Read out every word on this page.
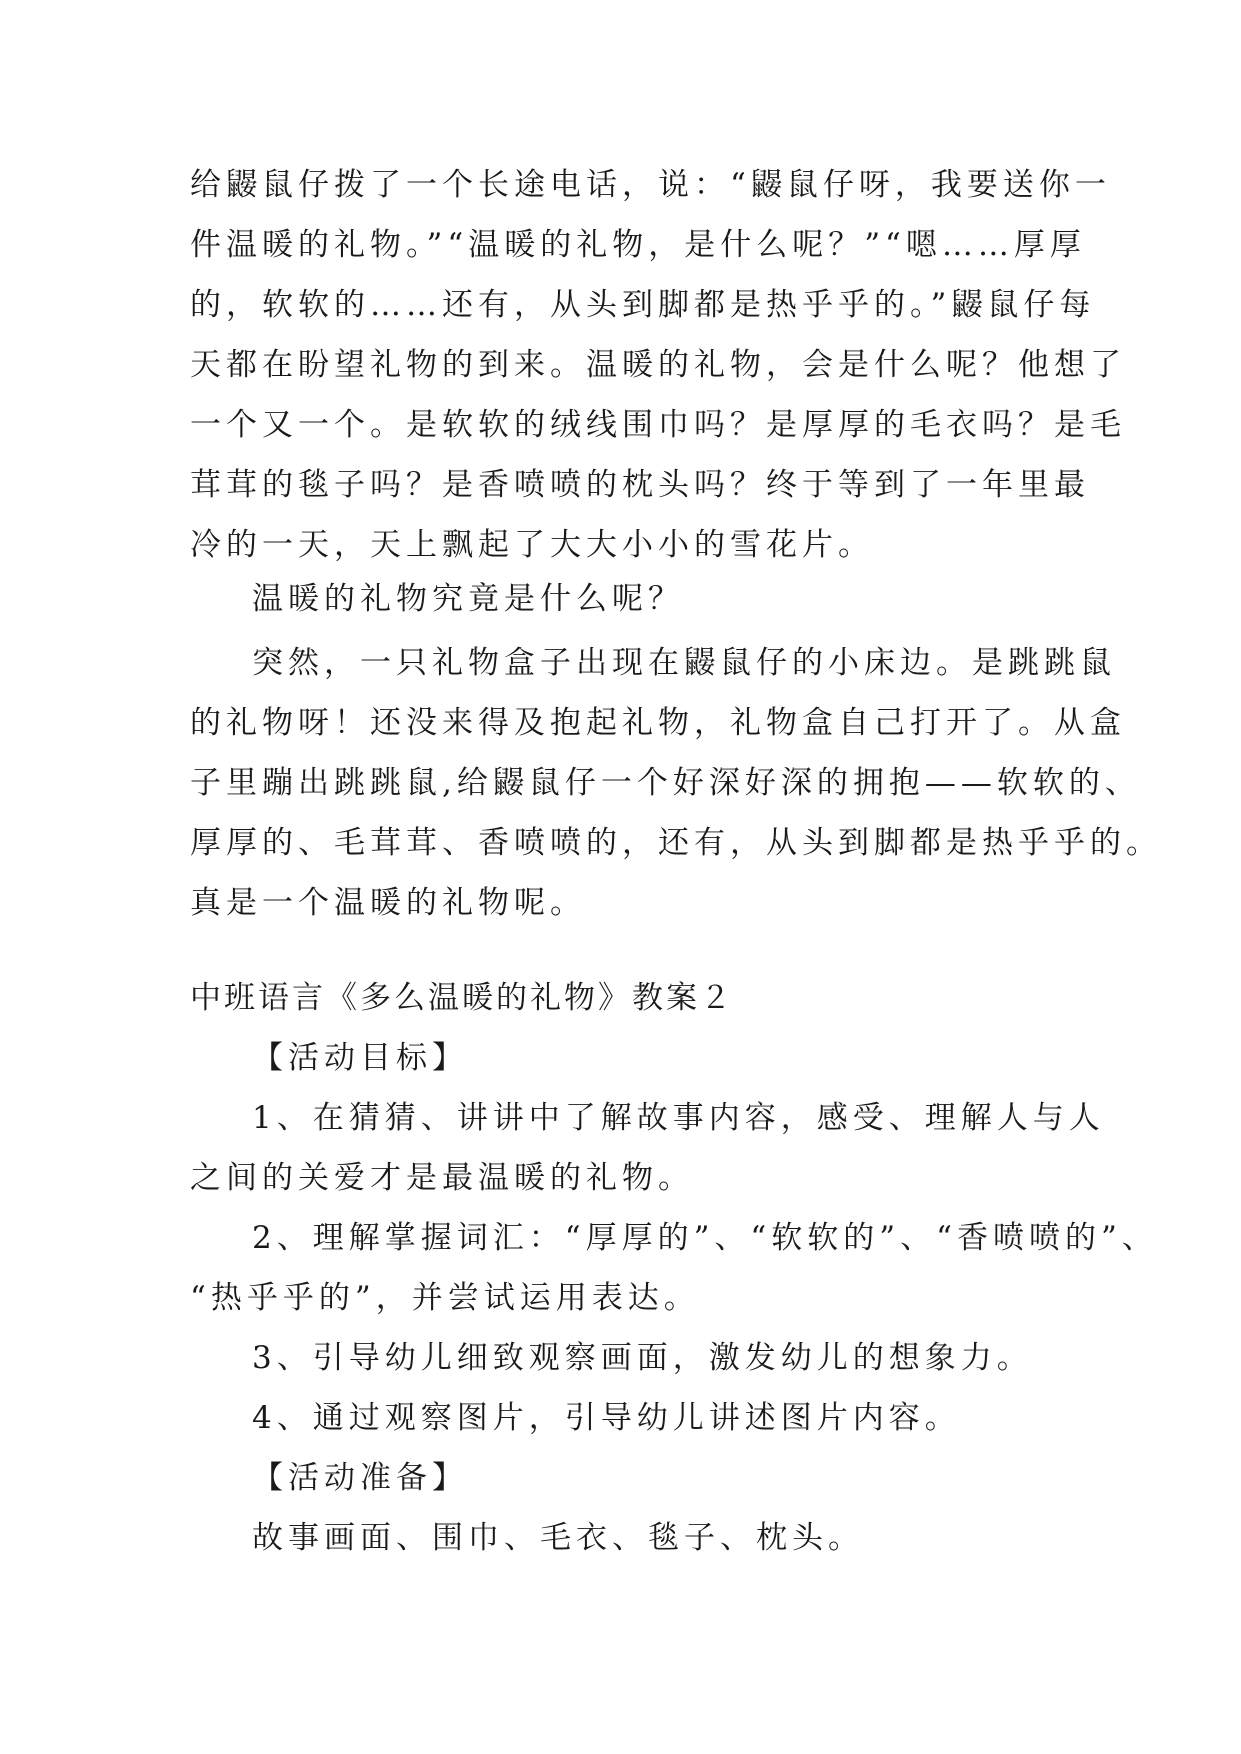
给鼹鼠仔拨了一个长途电话，说：“鼹鼠仔呀，我要送你一
件温暖的礼物。”“温暖的礼物，是什么呢？”“嗯……厚厚
的，软软的……还有，从头到脚都是热乎乎的。”鼹鼠仔每
天都在盼望礼物的到来。温暖的礼物，会是什么呢？他想了
一个又一个。是软软的绒线围巾吗？是厚厚的毛衣吗？是毛
茸茸的毯子吗？是香喷喷的枕头吗？终于等到了一年里最
冷的一天，天上飘起了大大小小的雪花片。
温暖的礼物究竟是什么呢？
突然，一只礼物盒子出现在鼹鼠仔的小床边。是跳跳鼠
的礼物呀！还没来得及抱起礼物，礼物盒自己打开了。从盒
子里蹦出跳跳鼠,给鼹鼠仔一个好深好深的拥抱——软软的、
厚厚的、毛茸茸、香喷喷的，还有，从头到脚都是热乎乎的。
真是一个温暖的礼物呢。
中班语言《多么温暖的礼物》教案２
【活动目标】
1、在猜猜、讲讲中了解故事内容，感受、理解人与人
之间的关爱才是最温暖的礼物。
2、理解掌握词汇：“厚厚的”、“软软的”、“香喷喷的”、
“热乎乎的”，并尝试运用表达。
3、引导幼儿细致观察画面，激发幼儿的想象力。
4、通过观察图片，引导幼儿讲述图片内容。
【活动准备】
故事画面、围巾、毛衣、毯子、枕头。
